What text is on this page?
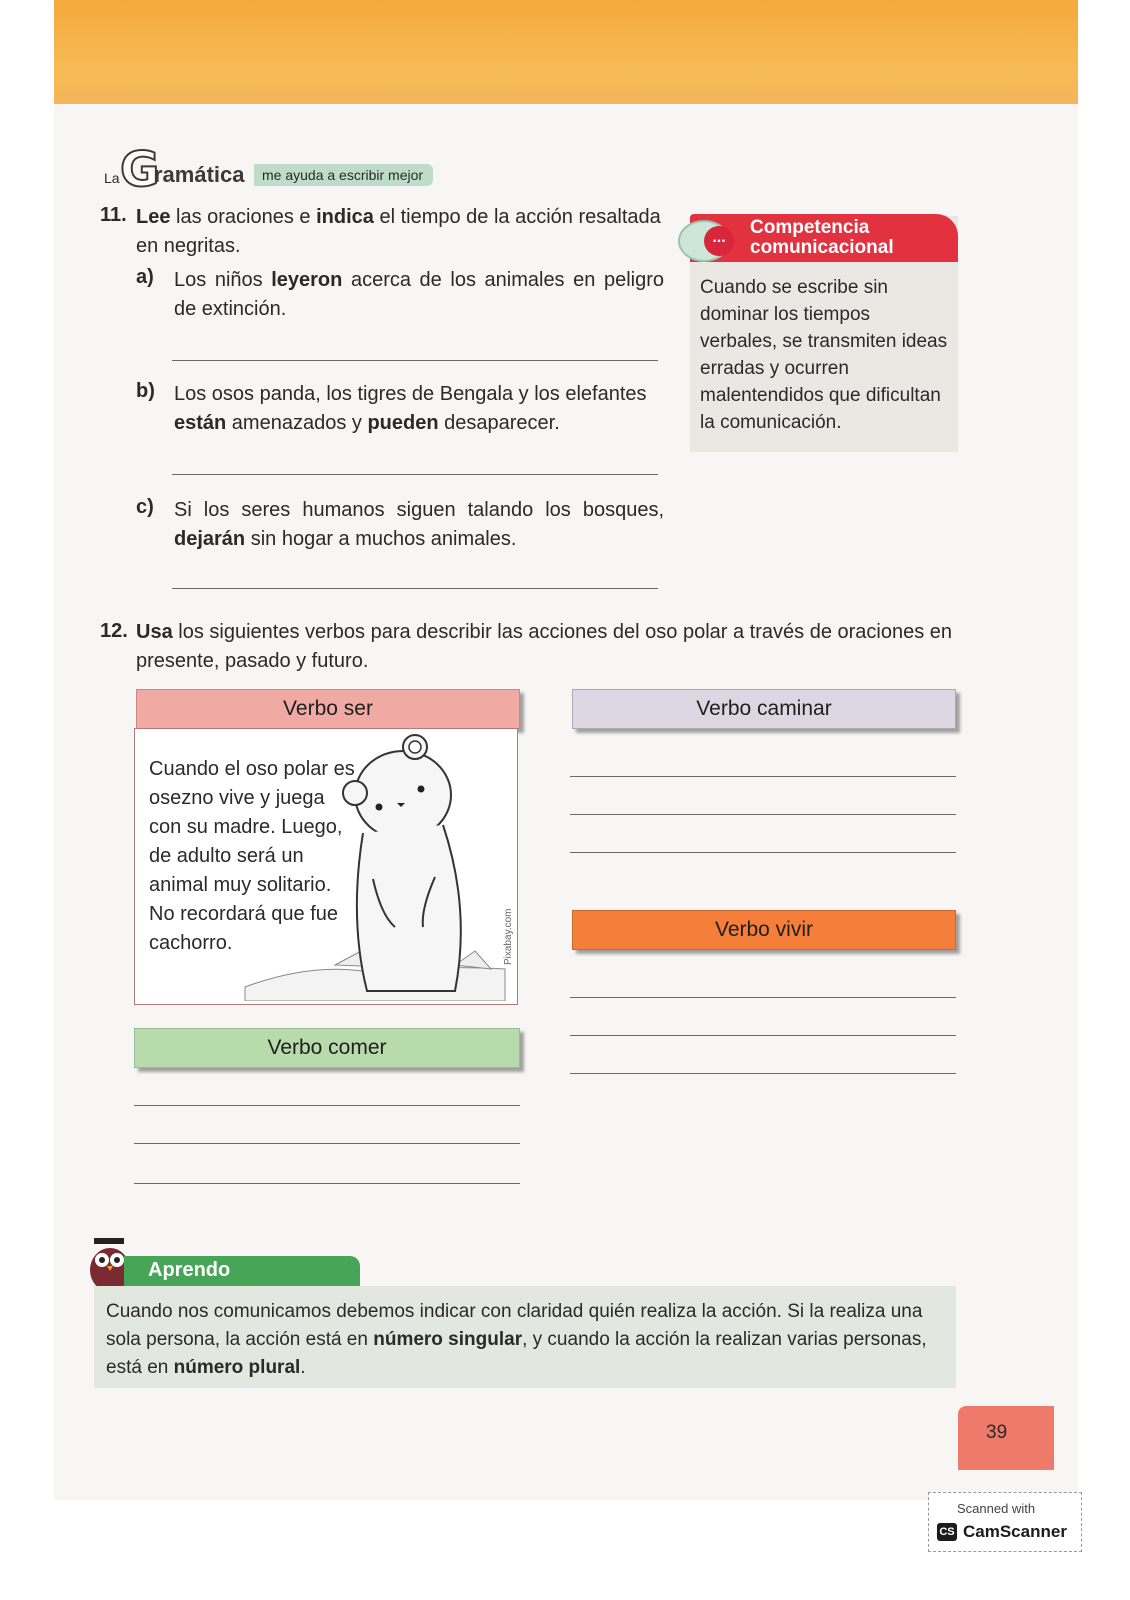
La G
ramática	me ayuda a escribir mejor
11. Lee las oraciones e indica el tiempo de la acción resaltada en negritas.
a) Los niños leyeron acerca de los animales en peligro de extinción.
b) Los osos panda, los tigres de Bengala y los elefantes están amenazados y pueden desaparecer.
c) Si los seres humanos siguen talando los bosques, dejarán sin hogar a muchos animales.
...	Competencia
comunicacional
Cuando se escribe sin dominar los tiempos verbales, se transmiten ideas erradas y ocurren malentendidos que dificultan la comunicación.
12. Usa los siguientes verbos para describir las acciones del oso polar a través de oraciones en presente, pasado y futuro.
Verbo ser
Cuando el oso polar es osezno vive y juega con su madre. Luego, de adulto será un animal muy solitario. No recordará que fue cachorro.	Pixabay.com
Verbo comer
Verbo caminar
Verbo vivir
Aprendo
Cuando nos comunicamos debemos indicar con claridad quién realiza la acción. Si la realiza una sola persona, la acción está en número singular, y cuando la acción la realizan varias personas, está en número plural.
39
Scanned with
CS CamScanner
